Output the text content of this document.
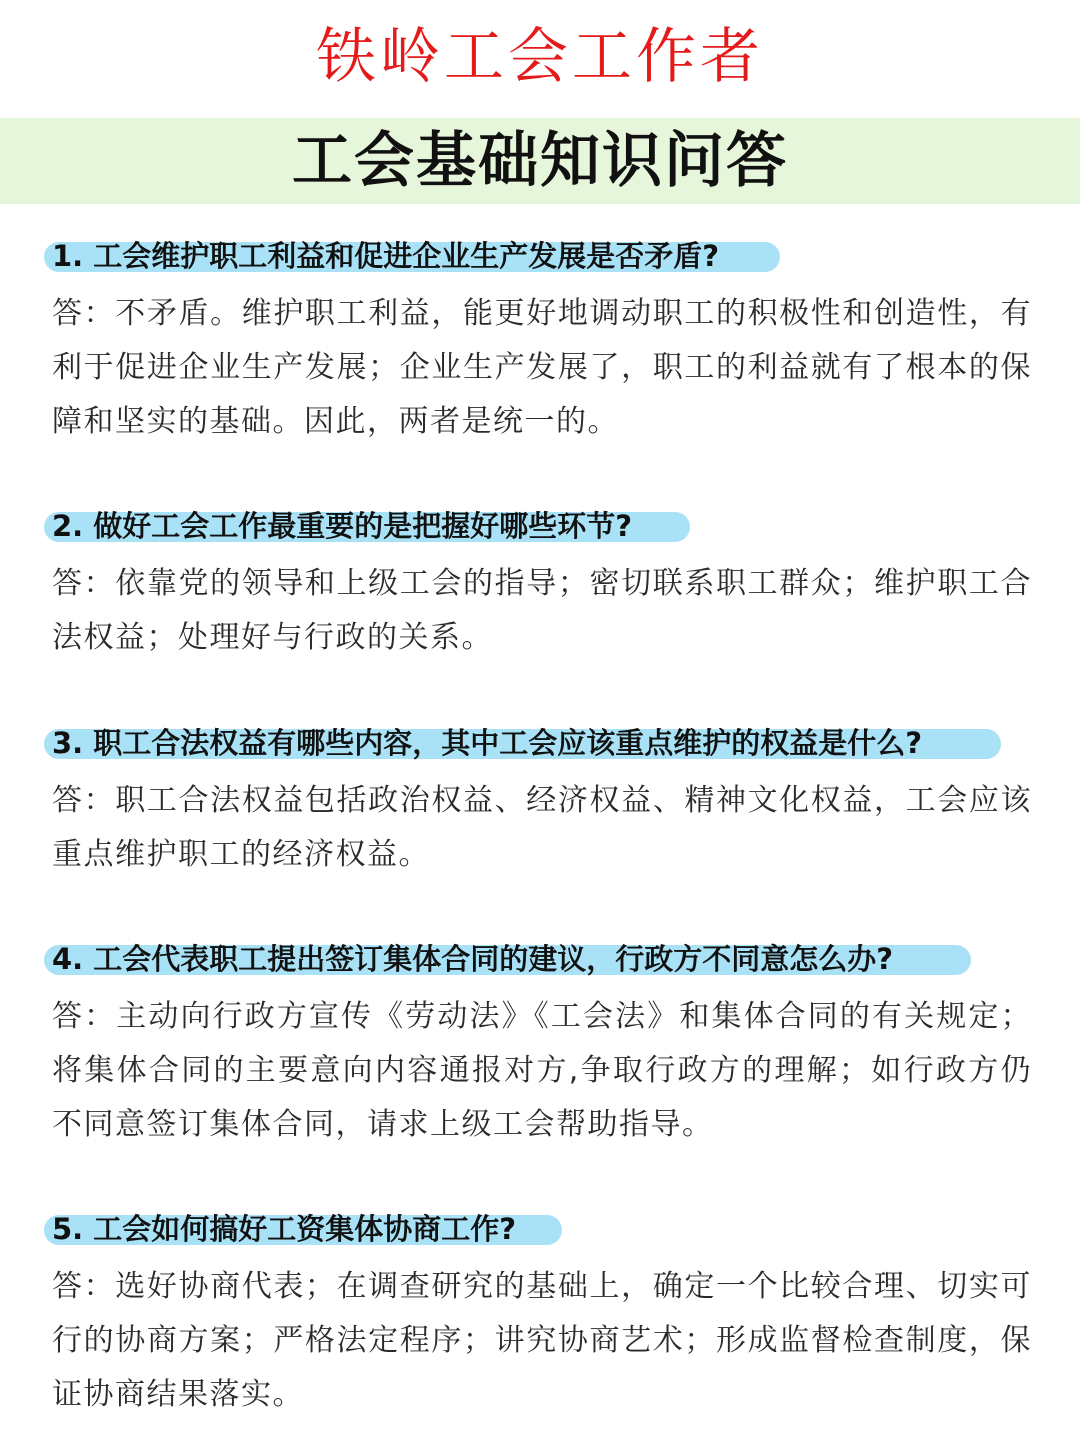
铁岭工会工作者
工会基础知识问答
1. 工会维护职工利益和促进企业生产发展是否矛盾?
答：不矛盾。维护职工利益，能更好地调动职工的积极性和创造性，有利于促进企业生产发展；企业生产发展了，职工的利益就有了根本的保障和坚实的基础。因此，两者是统一的。
2. 做好工会工作最重要的是把握好哪些环节?
答：依靠党的领导和上级工会的指导；密切联系职工群众；维护职工合法权益；处理好与行政的关系。
3. 职工合法权益有哪些内容，其中工会应该重点维护的权益是什么?
答：职工合法权益包括政治权益、经济权益、精神文化权益，工会应该重点维护职工的经济权益。
4. 工会代表职工提出签订集体合同的建议，行政方不同意怎么办?
答：主动向行政方宣传《劳动法》《工会法》和集体合同的有关规定；将集体合同的主要意向内容通报对方,争取行政方的理解；如行政方仍不同意签订集体合同，请求上级工会帮助指导。
5. 工会如何搞好工资集体协商工作?
答：选好协商代表；在调查研究的基础上，确定一个比较合理、切实可行的协商方案；严格法定程序；讲究协商艺术；形成监督检查制度，保证协商结果落实。
